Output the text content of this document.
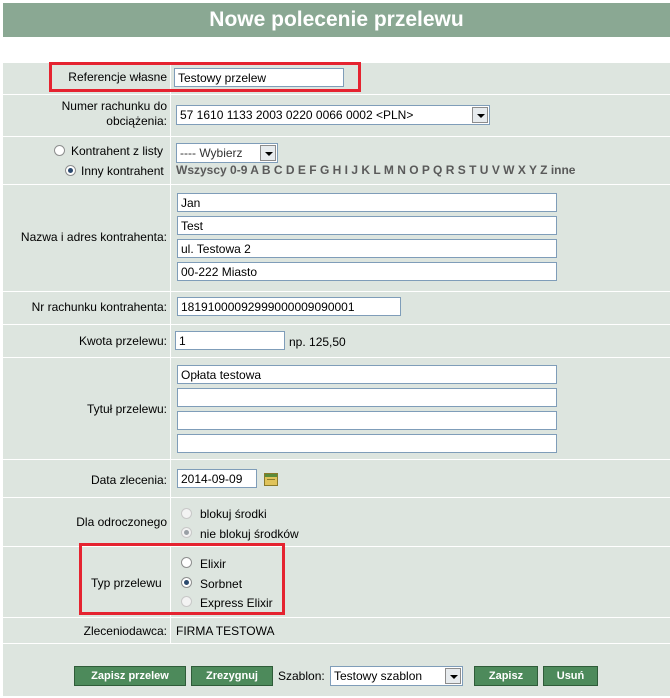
Nowe polecenie przelewu
Referencje własne Testowy przelew
Numer rachunku do
obciążenia:	57 1610 1133 2003 0220 0066 0002 <PLN>
Kontrahent z listy
Inny kontrahent
---- Wybierz
Wszyscy 0-9 A B C D E F G H I J K L M N O P Q R S T U V W X Y Z inne
Nazwa i adres kontrahenta:
Jan
Test
ul. Testowa 2
00-222 Miasto
Nr rachunku kontrahenta:	18191000092999000009090001
Kwota przelewu:	1	np. 125,50
Tytuł przelewu:
Opłata testowa
Data zlecenia:	2014-09-09
Dla odroczonego
blokuj środki
nie blokuj środków
Typ przelewu
Elixir
Sorbnet
Express Elixir
Zleceniodawca: FIRMA TESTOWA
Zapisz przelew	Zrezygnuj	Szablon: Testowy szablon	Zapisz	Usuń
